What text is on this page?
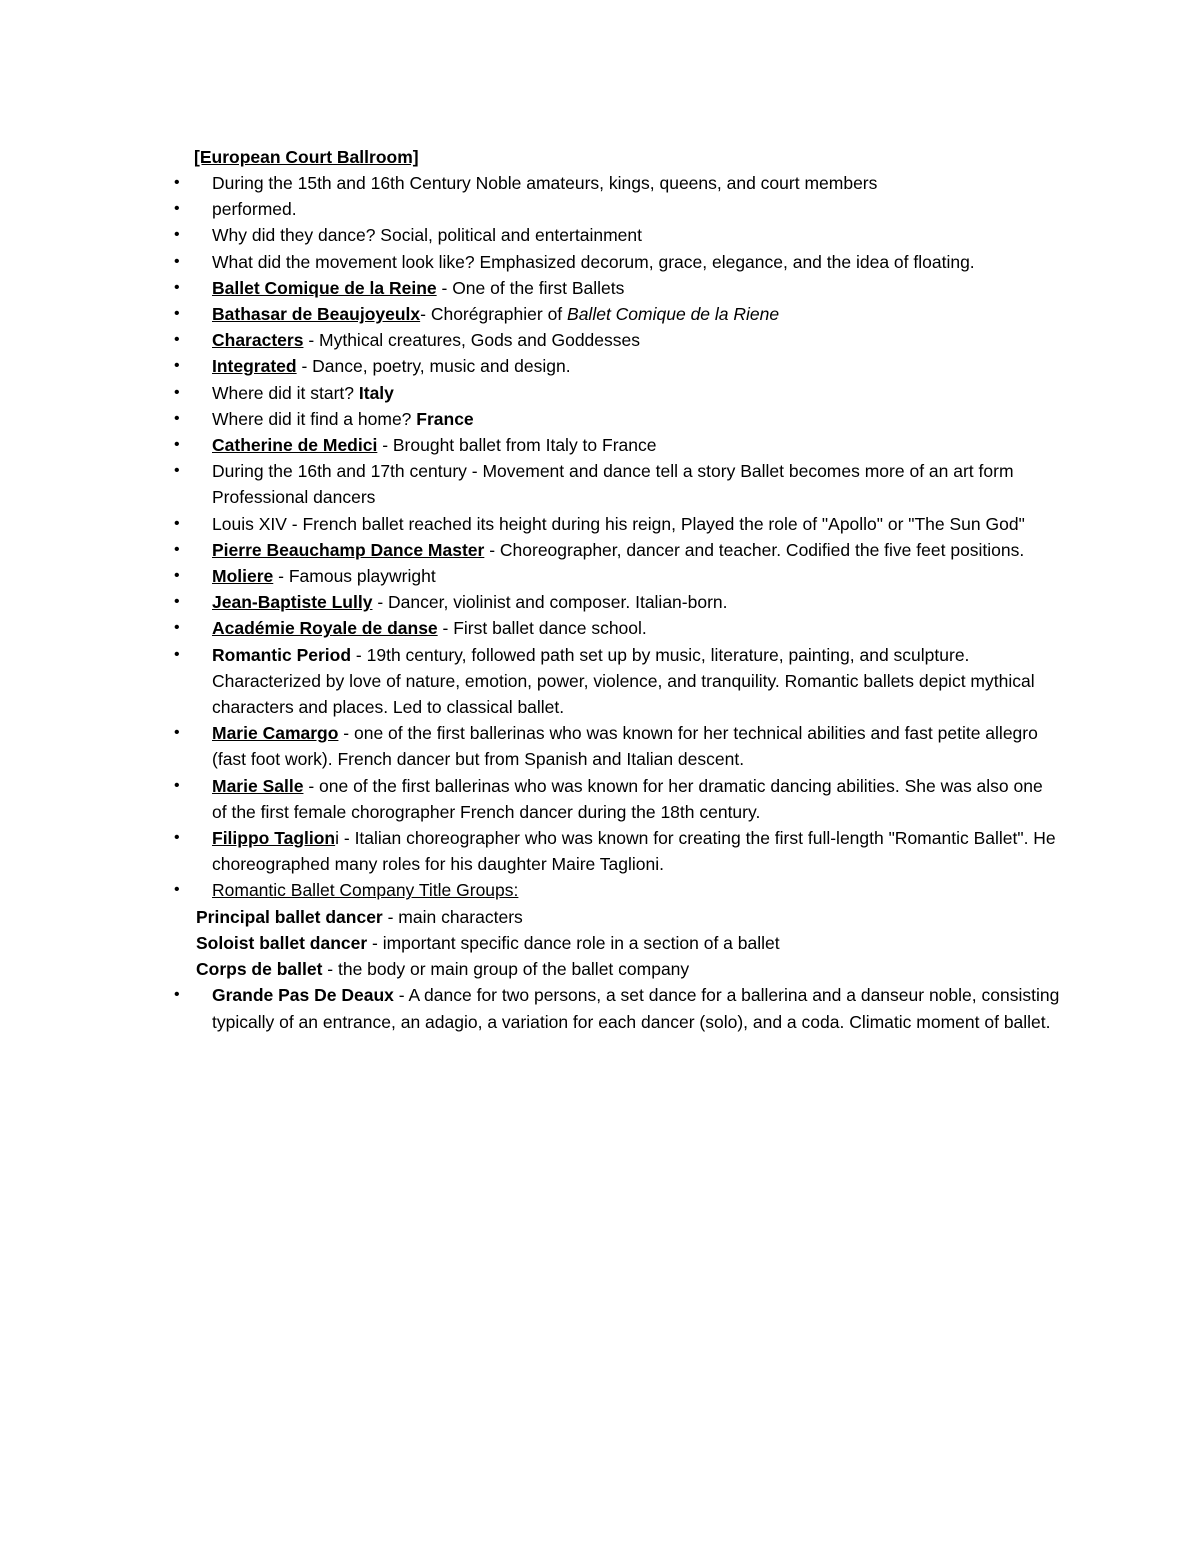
[European Court Ballroom]
• During the 15th and 16th Century Noble amateurs, kings, queens, and court members
• performed.
• Why did they dance? Social, political and entertainment
• What did the movement look like? Emphasized decorum, grace, elegance, and the idea of floating.
• Ballet Comique de la Reine - One of the first Ballets
• Bathasar de Beaujoyeulx- Chorégraphier of Ballet Comique de la Riene
• Characters - Mythical creatures, Gods and Goddesses
• Integrated - Dance, poetry, music and design.
• Where did it start? Italy
• Where did it find a home? France
• Catherine de Medici - Brought ballet from Italy to France
• During the 16th and 17th century - Movement and dance tell a story Ballet becomes more of an art form Professional dancers
• Louis XIV - French ballet reached its height during his reign, Played the role of "Apollo" or "The Sun God"
• Pierre Beauchamp Dance Master - Choreographer, dancer and teacher. Codified the five feet positions.
• Moliere - Famous playwright
• Jean-Baptiste Lully - Dancer, violinist and composer. Italian-born.
• Académie Royale de danse - First ballet dance school.
• Romantic Period - 19th century, followed path set up by music, literature, painting, and sculpture. Characterized by love of nature, emotion, power, violence, and tranquility. Romantic ballets depict mythical characters and places. Led to classical ballet.
• Marie Camargo - one of the first ballerinas who was known for her technical abilities and fast petite allegro (fast foot work). French dancer but from Spanish and Italian descent.
• Marie Salle - one of the first ballerinas who was known for her dramatic dancing abilities. She was also one of the first female chorographer French dancer during the 18th century.
• Filippo Taglioni - Italian choreographer who was known for creating the first full-length "Romantic Ballet". He choreographed many roles for his daughter Maire Taglioni.
• Romantic Ballet Company Title Groups:
Principal ballet dancer - main characters
Soloist ballet dancer - important specific dance role in a section of a ballet
Corps de ballet - the body or main group of the ballet company
• Grande Pas De Deaux - A dance for two persons, a set dance for a ballerina and a danseur noble, consisting typically of an entrance, an adagio, a variation for each dancer (solo), and a coda. Climatic moment of ballet.
